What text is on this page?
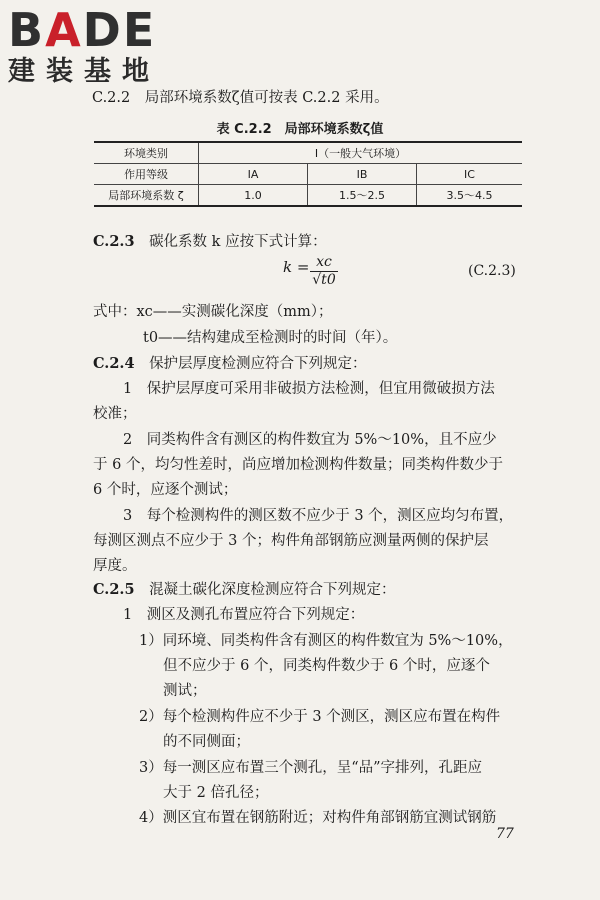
BADE
建装基地
C.2.2　局部环境系数ζ值可按表 C.2.2 采用。
表 C.2.2　局部环境系数ζ值
环境类别	Ⅰ（一般大气环境）		
作用等级	ⅠA	ⅠB	ⅠC
局部环境系数 ζ	1.0	1.5～2.5	3.5～4.5
C.2.3　 碳化系数 k 应按下式计算：
$k = \frac{xc}{√t0}$	(C.2.3)
式中：xc——实测碳化深度（mm）；
t0——结构建成至检测时的时间（年）。
C.2.4　 保护层厚度检测应符合下列规定：
1　保护层厚度可采用非破损方法检测，但宜用微破损方法
校准；
2　同类构件含有测区的构件数宜为 5%～10%，且不应少
于 6 个，均匀性差时，尚应增加检测构件数量；同类构件数少于
6 个时，应逐个测试；
3　每个检测构件的测区数不应少于 3 个，测区应均匀布置，
每测区测点不应少于 3 个；构件角部钢筋应测量两侧的保护层
厚度。
C.2.5　 混凝土碳化深度检测应符合下列规定：
1　测区及测孔布置应符合下列规定：
1）同环境、同类构件含有测区的构件数宜为 5%～10%，
但不应少于 6 个，同类构件数少于 6 个时，应逐个
测试；
2）每个检测构件应不少于 3 个测区，测区应布置在构件
的不同侧面；
3）每一测区应布置三个测孔，呈“品”字排列，孔距应
大于 2 倍孔径；
4）测区宜布置在钢筋附近；对构件角部钢筋宜测试钢筋
77
